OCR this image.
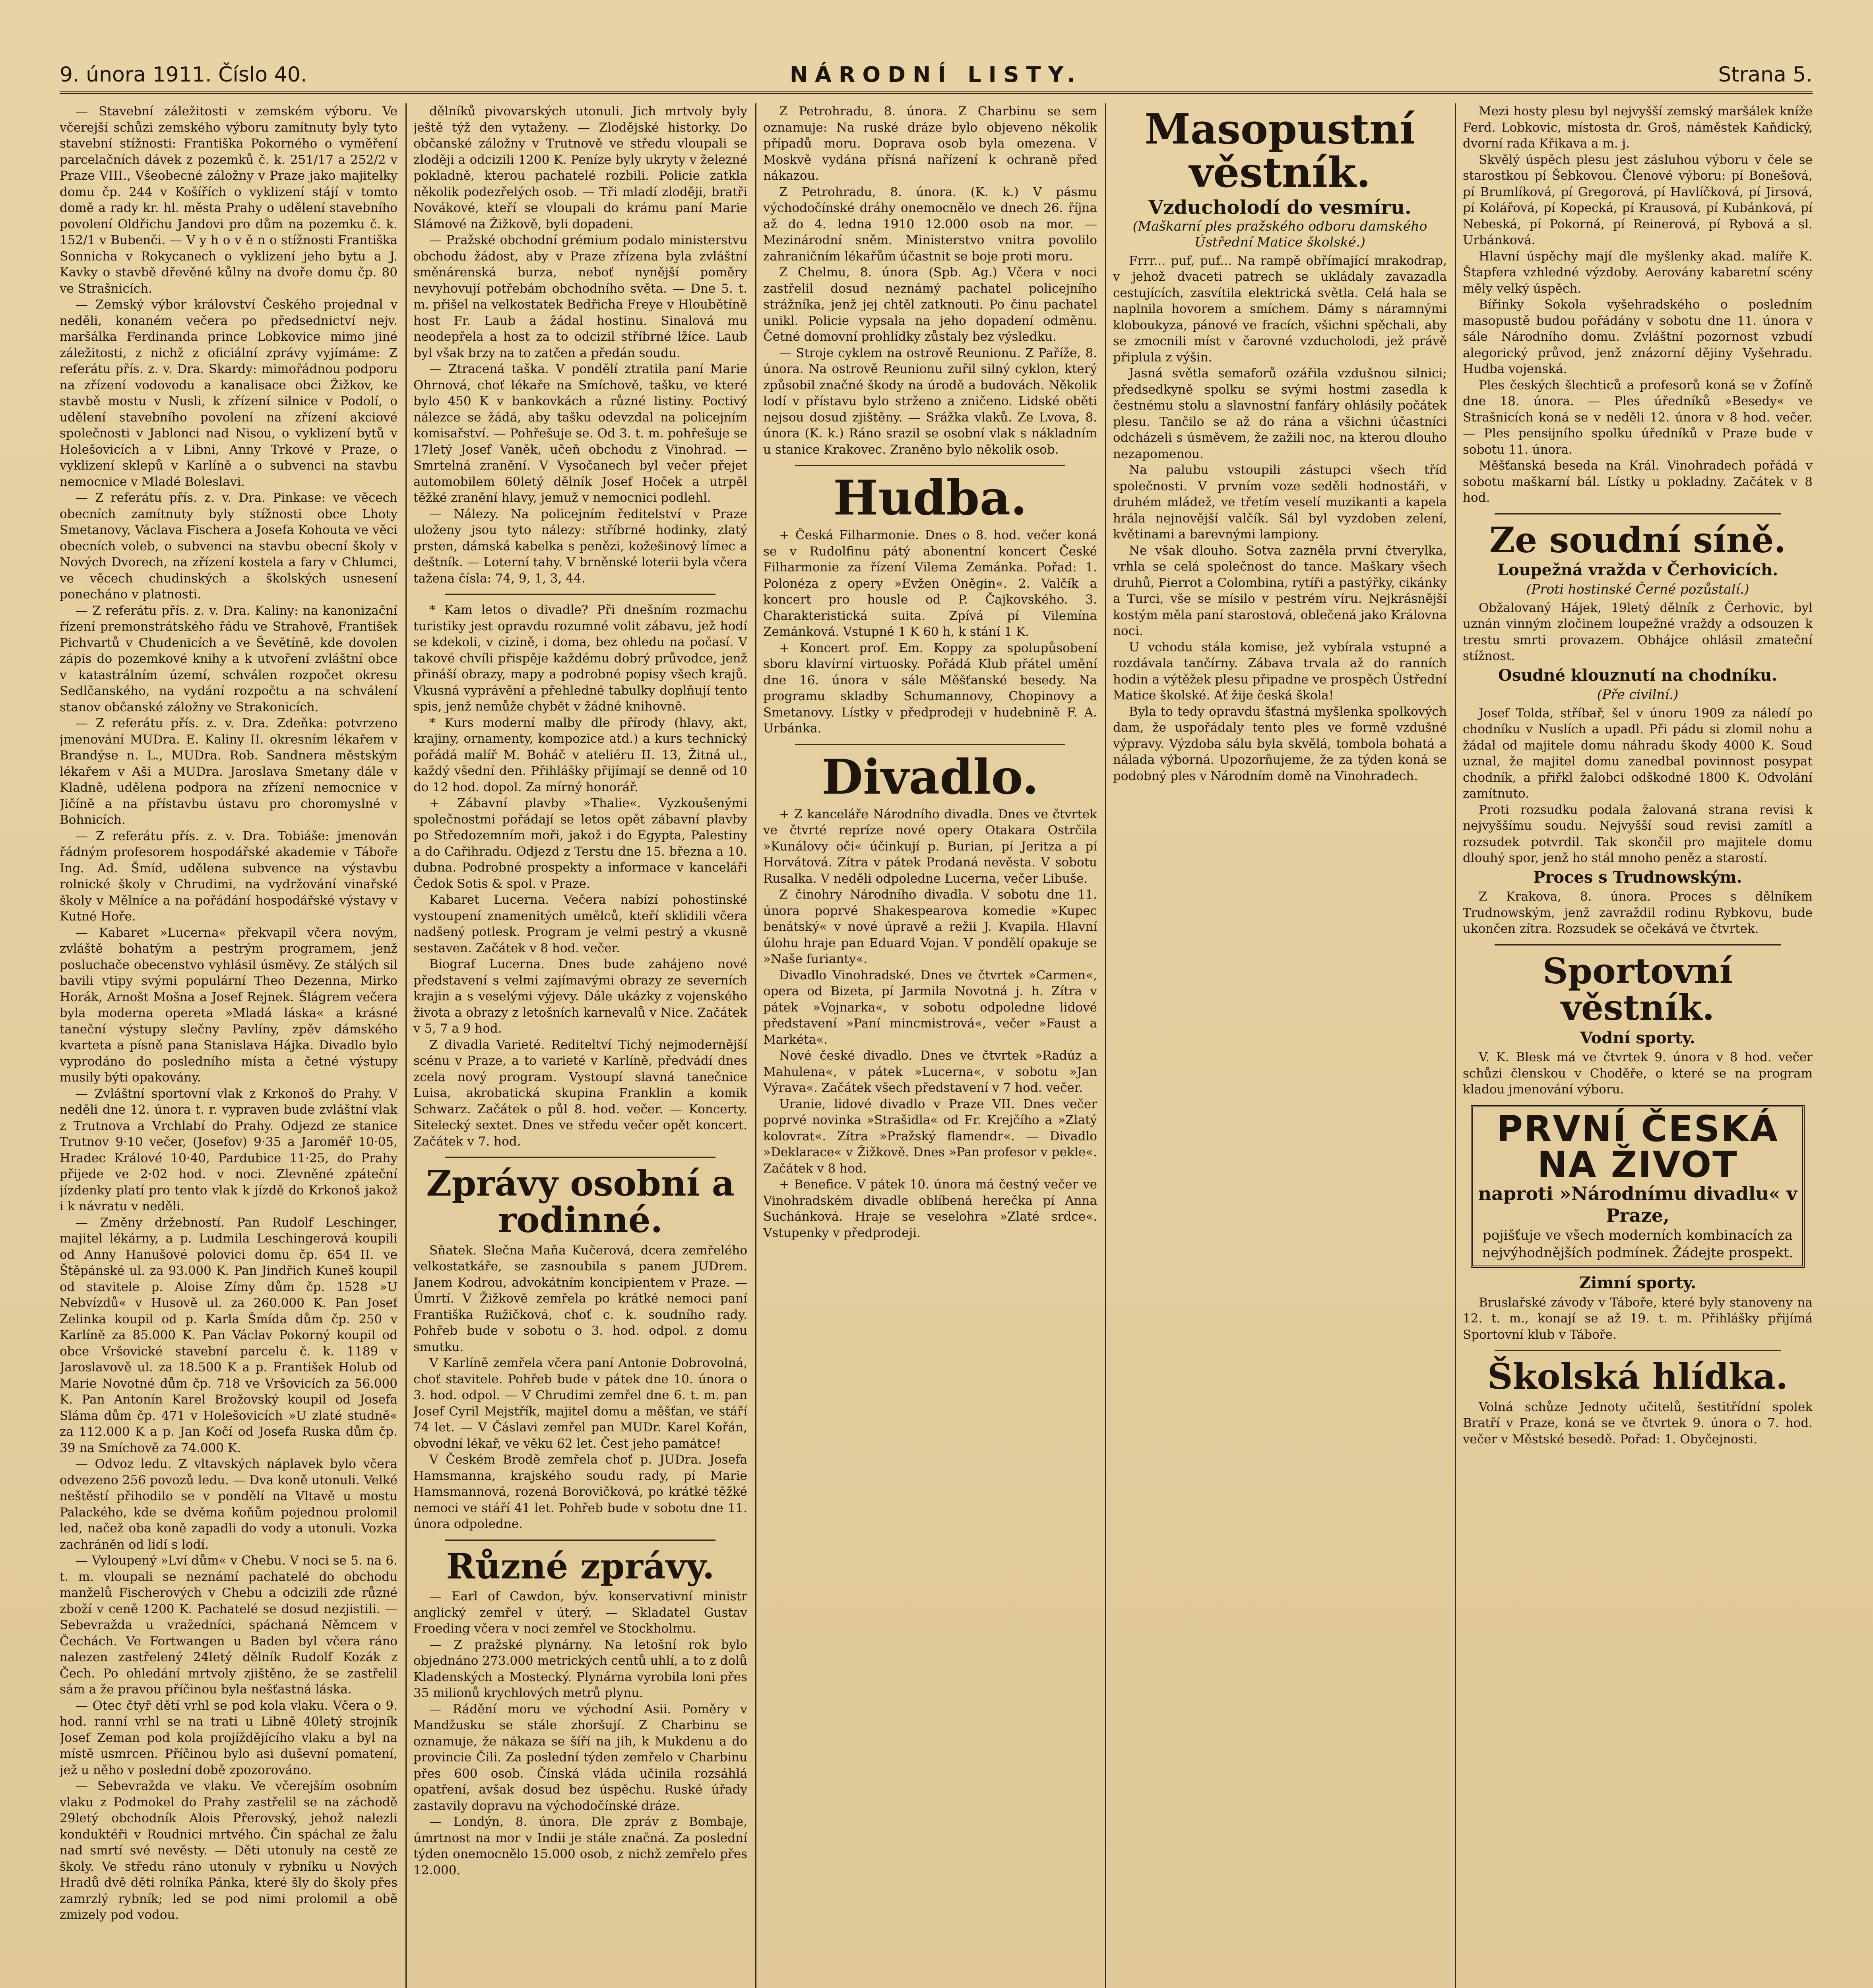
9. února 1911. Číslo 40.	NÁRODNÍ LISTY.	Strana 5.

— Stavební záležitosti v zemském výboru. Ve včerejší schůzi zemského výboru zamítnuty byly tyto stavební stížnosti: Františka Pokorného o vyměření parcelačních dávek z pozemků č. k. 251/17 a 252/2 v Praze VIII., Všeobecné záložny v Praze jako majitelky domu čp. 244 v Košířích o vyklizení stájí v tomto domě a rady kr. hl. města Prahy o udělení stavebního povolení Oldřichu Jandovi pro dům na pozemku č. k. 152/1 v Bubenči. — V y h o v ě n o stížnosti Františka Sonnicha v Rokycanech o vyklizení jeho bytu a J. Kavky o stavbě dřevěné kůlny na dvoře domu čp. 80 ve Strašnicích.

— Zemský výbor království Českého projednal v neděli, konaném večera po předsednictví nejv. maršálka Ferdinanda prince Lobkovice mimo jiné záležitosti, z nichž z oficiální zprávy vyjímáme: Z referátu přís. z. v. Dra. Skardy: mimořádnou podporu na zřízení vodovodu a kanalisace obci Žižkov, ke stavbě mostu v Nusli, k zřízení silnice v Podolí, o udělení stavebního povolení na zřízení akciové společnosti v Jablonci nad Nisou, o vyklizení bytů v Holešovicích a v Libni, Anny Trkové v Praze, o vyklizení sklepů v Karlíně a o subvenci na stavbu nemocnice v Mladé Boleslavi.

— Z referátu přís. z. v. Dra. Pinkase: ve věcech obecních zamítnuty byly stížnosti obce Lhoty Smetanovy, Václava Fischera a Josefa Kohouta ve věci obecních voleb, o subvenci na stavbu obecní školy v Nových Dvorech, na zřízení kostela a fary v Chlumci, ve věcech chudinských a školských usnesení ponecháno v platnosti.

— Z referátu přís. z. v. Dra. Kaliny: na kanonizační řízení premonstrátského řádu ve Strahově, František Pichvartů v Chudenicích a ve Ševětíně, kde dovolen zápis do pozemkové knihy a k utvoření zvláštní obce v katastrálním území, schválen rozpočet okresu Sedlčanského, na vydání rozpočtu a na schválení stanov občanské záložny ve Strakonicích.

— Z referátu přís. z. v. Dra. Zdeňka: potvrzeno jmenování MUDra. E. Kaliny II. okresním lékařem v Brandýse n. L., MUDra. Rob. Sandnera městským lékařem v Aši a MUDra. Jaroslava Smetany dále v Kladně, udělena podpora na zřízení nemocnice v Jičíně a na přístavbu ústavu pro choromyslné v Bohnicích.

— Z referátu přís. z. v. Dra. Tobiáše: jmenován řádným profesorem hospodářské akademie v Táboře Ing. Ad. Šmíd, udělena subvence na výstavbu rolnické školy v Chrudimi, na vydržování vinařské školy v Mělníce a na pořádání hospodářské výstavy v Kutné Hoře.

— Kabaret »Lucerna« překvapil včera novým, zvláště bohatým a pestrým programem, jenž posluchače obecenstvo vyhlásil úsměvy. Ze stálých sil bavili vtipy svými populární Theo Dezenna, Mirko Horák, Arnošt Mošna a Josef Rejnek. Šlágrem večera byla moderna opereta »Mladá láska« a krásné taneční výstupy slečny Pavlíny, zpěv dámského kvarteta a písně pana Stanislava Hájka. Divadlo bylo vyprodáno do posledního místa a četné výstupy musily býti opakovány.

— Zvláštní sportovní vlak z Krkonoš do Prahy. V neděli dne 12. února t. r. vypraven bude zvláštní vlak z Trutnova a Vrchlabí do Prahy. Odjezd ze stanice Trutnov 9·10 večer, (Josefov) 9·35 a Jaroměř 10·05, Hradec Králové 10·40, Pardubice 11·25, do Prahy přijede ve 2·02 hod. v noci. Zlevněné zpáteční jízdenky platí pro tento vlak k jízdě do Krkonoš jakož i k návratu v neděli.

— Změny držebností. Pan Rudolf Leschinger, majitel lékárny, a p. Ludmila Leschingerová koupili od Anny Hanušové polovici domu čp. 654 II. ve Štěpánské ul. za 93.000 K. Pan Jindřich Kuneš koupil od stavitele p. Aloise Zímy dům čp. 1528 »U Nebvízdů« v Husově ul. za 260.000 K. Pan Josef Zelinka koupil od p. Karla Šmída dům čp. 250 v Karlíně za 85.000 K. Pan Václav Pokorný koupil od obce Vršovické stavební parcelu č. k. 1189 v Jaroslavově ul. za 18.500 K a p. František Holub od Marie Novotné dům čp. 718 ve Vršovicích za 56.000 K. Pan Antonín Karel Brožovský koupil od Josefa Sláma dům čp. 471 v Holešovicích »U zlaté studně« za 112.000 K a p. Jan Kočí od Josefa Ruska dům čp. 39 na Smíchově za 74.000 K.

— Odvoz ledu. Z vltavských náplavek bylo včera odvezeno 256 povozů ledu. — Dva koně utonuli. Velké neštěstí přihodilo se v pondělí na Vltavě u mostu Palackého, kde se dvěma koňům pojednou prolomil led, načež oba koně zapadli do vody a utonuli. Vozka zachráněn od lidí s lodí.

— Vyloupený »Lví dům« v Chebu. V noci se 5. na 6. t. m. vloupali se neznámí pachatelé do obchodu manželů Fischerových v Chebu a odcizili zde různé zboží v ceně 1200 K. Pachatelé se dosud nezjistili. — Sebevražda u vražedníci, spáchaná Němcem v Čechách. Ve Fortwangen u Baden byl včera ráno nalezen zastřelený 24letý dělník Rudolf Kozák z Čech. Po ohledání mrtvoly zjištěno, že se zastřelil sám a že pravou příčinou byla nešťastná láska.

— Otec čtyř dětí vrhl se pod kola vlaku. Včera o 9. hod. ranní vrhl se na trati u Libně 40letý strojník Josef Zeman pod kola projíždějícího vlaku a byl na místě usmrcen. Příčinou bylo asi duševní pomatení, jež u něho v poslední době zpozorováno.

— Sebevražda ve vlaku. Ve včerejším osobním vlaku z Podmokel do Prahy zastřelil se na záchodě 29letý obchodník Alois Přerovský, jehož nalezli konduktéři v Roudnici mrtvého. Čin spáchal ze žalu nad smrtí své nevěsty. — Děti utonuly na cestě ze školy. Ve středu ráno utonuly v rybníku u Nových Hradů dvě děti rolníka Pánka, které šly do školy přes zamrzlý rybník; led se pod nimi prolomil a obě zmizely pod vodou.

dělníků pivovarských utonuli. Jich mrtvoly byly ještě týž den vytaženy. — Zlodějské historky. Do občanské záložny v Trutnově ve středu vloupali se zloději a odcizili 1200 K. Peníze byly ukryty v železné pokladně, kterou pachatelé rozbili. Policie zatkla několik podezřelých osob. — Tři mladí zloději, bratři Novákové, kteří se vloupali do krámu paní Marie Slámové na Žižkově, byli dopadeni.

— Pražské obchodní grémium podalo ministerstvu obchodu žádost, aby v Praze zřízena byla zvláštní směnárenská burza, neboť nynější poměry nevyhovují potřebám obchodního světa. — Dne 5. t. m. přišel na velkostatek Bedřicha Freye v Hloubětíně host Fr. Laub a žádal hostinu. Sinalová mu neodepřela a host za to odcizil stříbrné lžíce. Laub byl však brzy na to zatčen a předán soudu.

— Ztracená taška. V pondělí ztratila paní Marie Ohrnová, choť lékaře na Smíchově, tašku, ve které bylo 450 K v bankovkách a různé listiny. Poctivý nálezce se žádá, aby tašku odevzdal na policejním komisařství. — Pohřešuje se. Od 3. t. m. pohřešuje se 17letý Josef Vaněk, učeň obchodu z Vinohrad. — Smrtelná zranění. V Vysočanech byl večer přejet automobilem 60letý dělník Josef Hoček a utrpěl těžké zranění hlavy, jemuž v nemocnici podlehl.

— Nálezy. Na policejním ředitelství v Praze uloženy jsou tyto nálezy: stříbrné hodinky, zlatý prsten, dámská kabelka s penězi, kožešinový límec a deštník. — Loterní tahy. V brněnské loterii byla včera tažena čísla: 74, 9, 1, 3, 44.

* Kam letos o divadle? Při dnešním rozmachu turistiky jest opravdu rozumné volit zábavu, jež hodí se kdekoli, v cizině, i doma, bez ohledu na počasí. V takové chvíli přispěje každému dobrý průvodce, jenž přináší obrazy, mapy a podrobné popisy všech krajů. Vkusná vyprávění a přehledné tabulky doplňují tento spis, jenž nemůže chybět v žádné knihovně.

* Kurs moderní malby dle přírody (hlavy, akt, krajiny, ornamenty, kompozice atd.) a kurs technický pořádá malíř M. Boháč v ateliéru II. 13, Žitná ul., každý všední den. Přihlášky přijímají se denně od 10 do 12 hod. dopol. Za mírný honorář.

+ Zábavní plavby »Thalie«. Vyzkoušenými společnostmi pořádají se letos opět zábavní plavby po Středozemním moři, jakož i do Egypta, Palestiny a do Cařihradu. Odjezd z Terstu dne 15. března a 10. dubna. Podrobné prospekty a informace v kanceláři Čedok Sotis & spol. v Praze.

Kabaret Lucerna. Večera nabízí pohostinské vystoupení znamenitých umělců, kteří sklidili včera nadšený potlesk. Program je velmi pestrý a vkusně sestaven. Začátek v 8 hod. večer.

Biograf Lucerna. Dnes bude zahájeno nové představení s velmi zajímavými obrazy ze severních krajin a s veselými výjevy. Dále ukázky z vojenského života a obrazy z letošních karnevalů v Nice. Začátek v 5, 7 a 9 hod.

Z divadla Varieté. Rediteltví Tichý nejmodernější scénu v Praze, a to varieté v Karlíně, předvádí dnes zcela nový program. Vystoupí slavná tanečnice Luisa, akrobatická skupina Franklin a komik Schwarz. Začátek o půl 8. hod. večer. — Koncerty. Sitelecký sextet. Dnes ve středu večer opět koncert. Začátek v 7. hod.

Zprávy osobní a rodinné.

Sňatek. Slečna Maňa Kučerová, dcera zemřelého velkostatkáře, se zasnoubila s panem JUDrem. Janem Kodrou, advokátním koncipientem v Praze. — Úmrtí. V Žižkově zemřela po krátké nemoci paní Františka Ružičková, choť c. k. soudního rady. Pohřeb bude v sobotu o 3. hod. odpol. z domu smutku.

V Karlíně zemřela včera paní Antonie Dobrovolná, choť stavitele. Pohřeb bude v pátek dne 10. února o 3. hod. odpol. — V Chrudimi zemřel dne 6. t. m. pan Josef Cyril Mejstřík, majitel domu a měšťan, ve stáří 74 let. — V Čáslavi zemřel pan MUDr. Karel Kořán, obvodní lékař, ve věku 62 let. Čest jeho památce!

V Českém Brodě zemřela choť p. JUDra. Josefa Hamsmanna, krajského soudu rady, pí Marie Hamsmannová, rozená Borovičková, po krátké těžké nemoci ve stáří 41 let. Pohřeb bude v sobotu dne 11. února odpoledne.

Různé zprávy.

— Earl of Cawdon, býv. konservativní ministr anglický zemřel v úterý. — Skladatel Gustav Froeding včera v noci zemřel ve Stockholmu.

— Z pražské plynárny. Na letošní rok bylo objednáno 273.000 metrických centů uhlí, a to z dolů Kladenských a Mostecký. Plynárna vyrobila loni přes 35 milionů krychlových metrů plynu.

— Rádění moru ve východní Asii. Poměry v Mandžusku se stále zhoršují. Z Charbinu se oznamuje, že nákaza se šíří na jih, k Mukdenu a do provincie Čili. Za poslední týden zemřelo v Charbinu přes 600 osob. Čínská vláda učinila rozsáhlá opatření, avšak dosud bez úspěchu. Ruské úřady zastavily dopravu na východočínské dráze.

— Londýn, 8. února. Dle zpráv z Bombaje, úmrtnost na mor v Indii je stále značná. Za poslední týden onemocnělo 15.000 osob, z nichž zemřelo přes 12.000.

Z Petrohradu, 8. února. Z Charbinu se sem oznamuje: Na ruské dráze bylo objeveno několik případů moru. Doprava osob byla omezena. V Moskvě vydána přísná nařízení k ochraně před nákazou.

Z Petrohradu, 8. února. (K. k.) V pásmu východočínské dráhy onemocnělo ve dnech 26. října až do 4. ledna 1910 12.000 osob na mor. — Mezinárodní sněm. Ministerstvo vnitra povolilo zahraničním lékařům účastnit se boje proti moru.

Z Chelmu, 8. února (Spb. Ag.) Včera v noci zastřelil dosud neznámý pachatel policejního strážníka, jenž jej chtěl zatknouti. Po činu pachatel unikl. Policie vypsala na jeho dopadení odměnu. Četné domovní prohlídky zůstaly bez výsledku.

— Stroje cyklem na ostrově Reunionu. Z Paříže, 8. února. Na ostrově Reunionu zuřil silný cyklon, který způsobil značné škody na úrodě a budovách. Několik lodí v přístavu bylo strženo a zničeno. Lidské oběti nejsou dosud zjištěny. — Srážka vlaků. Ze Lvova, 8. února (K. k.) Ráno srazil se osobní vlak s nákladním u stanice Krakovec. Zraněno bylo několik osob.

Hudba.

+ Česká Filharmonie. Dnes o 8. hod. večer koná se v Rudolfinu pátý abonentní koncert České Filharmonie za řízení Vilema Zemánka. Pořad: 1. Polonéza z opery »Evžen Oněgin«. 2. Valčík a koncert pro housle od P. Čajkovského. 3. Charakteristická suita. Zpívá pí Vilemína Zemánková. Vstupné 1 K 60 h, k stání 1 K.

+ Koncert prof. Em. Koppy za spolupůsobení sboru klavírní virtuosky. Pořádá Klub přátel umění dne 16. února v sále Měšťanské besedy. Na programu skladby Schumannovy, Chopinovy a Smetanovy. Lístky v předprodeji v hudebnině F. A. Urbánka.

Divadlo.

+ Z kanceláře Národního divadla. Dnes ve čtvrtek ve čtvrté repríze nové opery Otakara Ostrčila »Kunálovy oči« účinkují p. Burian, pí Jeritza a pí Horvátová. Zítra v pátek Prodaná nevěsta. V sobotu Rusalka. V neděli odpoledne Lucerna, večer Libuše.

Z činohry Národního divadla. V sobotu dne 11. února poprvé Shakespearova komedie »Kupec benátský« v nové úpravě a režii J. Kvapila. Hlavní úlohu hraje pan Eduard Vojan. V pondělí opakuje se »Naše furianty«.

Divadlo Vinohradské. Dnes ve čtvrtek »Carmen«, opera od Bizeta, pí Jarmila Novotná j. h. Zítra v pátek »Vojnarka«, v sobotu odpoledne lidové představení »Paní mincmistrová«, večer »Faust a Markéta«.

Nové české divadlo. Dnes ve čtvrtek »Radúz a Mahulena«, v pátek »Lucerna«, v sobotu »Jan Výrava«. Začátek všech představení v 7 hod. večer.

Uranie, lidové divadlo v Praze VII. Dnes večer poprvé novinka »Strašidla« od Fr. Krejčího a »Zlatý kolovrat«. Zítra »Pražský flamendr«. — Divadlo »Deklarace« v Žižkově. Dnes »Pan profesor v pekle«. Začátek v 8 hod.

+ Benefice. V pátek 10. února má čestný večer ve Vinohradském divadle oblíbená herečka pí Anna Suchánková. Hraje se veselohra »Zlaté srdce«. Vstupenky v předprodeji.

Masopustní věstník.
Vzducholodí do vesmíru.
(Maškarní ples pražského odboru damského Ústřední Matice školské.)

Frrr... puf, puf... Na rampě obřímající mrakodrap, v jehož dvaceti patrech se ukládaly zavazadla cestujících, zasvítila elektrická světla. Celá hala se naplnila hovorem a smíchem. Dámy s náramnými kloboukyza, pánové ve fracích, všichni spěchali, aby se zmocnili míst v čarovné vzducholodi, jež právě připlula z výšin.

Jasná světla semaforů ozářila vzdušnou silnici; předsedkyně spolku se svými hostmi zasedla k čestnému stolu a slavnostní fanfáry ohlásily počátek plesu. Tančilo se až do rána a všichni účastníci odcházeli s úsměvem, že zažili noc, na kterou dlouho nezapomenou.

Na palubu vstoupili zástupci všech tříd společnosti. V prvním voze seděli hodnostáři, v druhém mládež, ve třetím veselí muzikanti a kapela hrála nejnovější valčík. Sál byl vyzdoben zelení, květinami a barevnými lampiony.

Ne však dlouho. Sotva zazněla první čtverylka, vrhla se celá společnost do tance. Maškary všech druhů, Pierrot a Colombina, rytíři a pastýřky, cikánky a Turci, vše se mísilo v pestrém víru. Nejkrásnější kostým měla paní starostová, oblečená jako Královna noci.

U vchodu stála komise, jež vybírala vstupné a rozdávala tančírny. Zábava trvala až do ranních hodin a výtěžek plesu připadne ve prospěch Ústřední Matice školské. Ať žije česká škola!

Byla to tedy opravdu šťastná myšlenka spolkových dam, že uspořádaly tento ples ve formě vzdušné výpravy. Výzdoba sálu byla skvělá, tombola bohatá a nálada výborná. Upozorňujeme, že za týden koná se podobný ples v Národním domě na Vinohradech.

Mezi hosty plesu byl nejvyšší zemský maršálek kníže Ferd. Lobkovic, místosta dr. Groš, náměstek Kaňdický, dvorní rada Křikava a m. j.

Skvělý úspěch plesu jest zásluhou výboru v čele se starostkou pí Šebkovou. Členové výboru: pí Bonešová, pí Brumlíková, pí Gregorová, pí Havlíčková, pí Jirsová, pí Kolářová, pí Kopecká, pí Krausová, pí Kubánková, pí Nebeská, pí Pokorná, pí Reinerová, pí Rybová a sl. Urbánková.

Hlavní úspěchy mají dle myšlenky akad. malíře K. Štapfera vzhledné výzdoby. Aerovány kabaretní scény měly velký úspěch.

Bířinky Sokola vyšehradského o posledním masopustě budou pořádány v sobotu dne 11. února v sále Národního domu. Zvláštní pozornost vzbudí alegorický průvod, jenž znázorní dějiny Vyšehradu. Hudba vojenská.

Ples českých šlechticů a profesorů koná se v Žofíně dne 18. února. — Ples úředníků »Besedy« ve Strašnicích koná se v neděli 12. února v 8 hod. večer. — Ples pensijního spolku úředníků v Praze bude v sobotu 11. února.

Měšťanská beseda na Král. Vinohradech pořádá v sobotu maškarní bál. Lístky u pokladny. Začátek v 8 hod.

Ze soudní síně.
Loupežná vražda v Čerhovicích.
(Proti hostinské Černé pozůstalí.)

Obžalovaný Hájek, 19letý dělník z Čerhovic, byl uznán vinným zločinem loupežné vraždy a odsouzen k trestu smrti provazem. Obhájce ohlásil zmateční stížnost.

Osudné klouznutí na chodníku.
(Pře civilní.)

Josef Tolda, stříbař, šel v únoru 1909 za náledí po chodníku v Nuslích a upadl. Při pádu si zlomil nohu a žádal od majitele domu náhradu škody 4000 K. Soud uznal, že majitel domu zanedbal povinnost posypat chodník, a přiřkl žalobci odškodné 1800 K. Odvolání zamítnuto.

Proti rozsudku podala žalovaná strana revisi k nejvyššímu soudu. Nejvyšší soud revisi zamítl a rozsudek potvrdil. Tak skončil pro majitele domu dlouhý spor, jenž ho stál mnoho peněz a starostí.

Proces s Trudnowským.

Z Krakova, 8. února. Proces s dělníkem Trudnowským, jenž zavraždil rodinu Rybkovu, bude ukončen zítra. Rozsudek se očekává ve čtvrtek.

Sportovní věstník.
Vodní sporty.

V. K. Blesk má ve čtvrtek 9. února v 8 hod. večer schůzi členskou v Choděře, o které se na program kladou jmenování výboru.

PRVNÍ ČESKÁ NA ŽIVOT
naproti »Národnímu divadlu« v Praze,
pojišťuje ve všech moderních kombinacích za nejvýhodnějších podmínek. Žádejte prospekt.
Zimní sporty.

Bruslařské závody v Táboře, které byly stanoveny na 12. t. m., konají se až 19. t. m. Přihlášky přijímá Sportovní klub v Táboře.

Školská hlídka.

Volná schůze Jednoty učitelů, šestitřídní spolek Bratří v Praze, koná se ve čtvrtek 9. února o 7. hod. večer v Městské besedě. Pořad: 1. Obyčejnosti.
